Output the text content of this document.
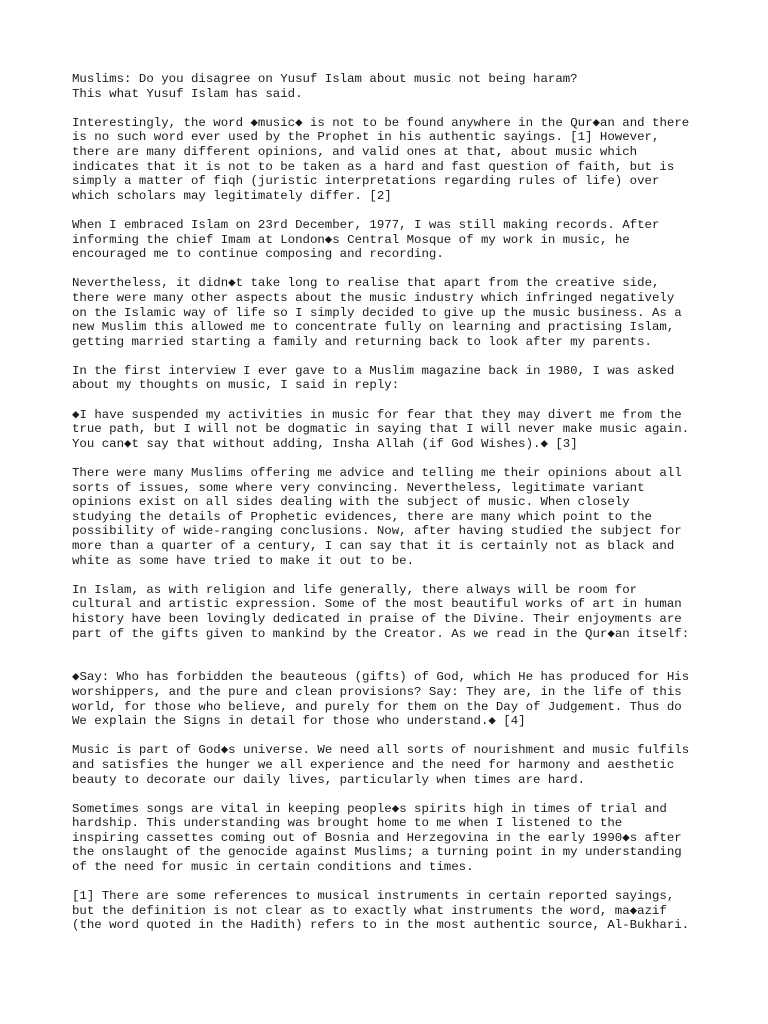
Muslims: Do you disagree on Yusuf Islam about music not being haram?
This what Yusuf Islam has said.

Interestingly, the word ◆music◆ is not to be found anywhere in the Qur◆an and there
is no such word ever used by the Prophet in his authentic sayings. [1] However,
there are many different opinions, and valid ones at that, about music which
indicates that it is not to be taken as a hard and fast question of faith, but is
simply a matter of fiqh (juristic interpretations regarding rules of life) over
which scholars may legitimately differ. [2]

When I embraced Islam on 23rd December, 1977, I was still making records. After
informing the chief Imam at London◆s Central Mosque of my work in music, he
encouraged me to continue composing and recording.

Nevertheless, it didn◆t take long to realise that apart from the creative side,
there were many other aspects about the music industry which infringed negatively
on the Islamic way of life so I simply decided to give up the music business. As a
new Muslim this allowed me to concentrate fully on learning and practising Islam,
getting married starting a family and returning back to look after my parents.

In the first interview I ever gave to a Muslim magazine back in 1980, I was asked
about my thoughts on music, I said in reply:

◆I have suspended my activities in music for fear that they may divert me from the
true path, but I will not be dogmatic in saying that I will never make music again.
You can◆t say that without adding, Insha Allah (if God Wishes).◆ [3]

There were many Muslims offering me advice and telling me their opinions about all
sorts of issues, some where very convincing. Nevertheless, legitimate variant
opinions exist on all sides dealing with the subject of music. When closely
studying the details of Prophetic evidences, there are many which point to the
possibility of wide-ranging conclusions. Now, after having studied the subject for
more than a quarter of a century, I can say that it is certainly not as black and
white as some have tried to make it out to be.

In Islam, as with religion and life generally, there always will be room for
cultural and artistic expression. Some of the most beautiful works of art in human
history have been lovingly dedicated in praise of the Divine. Their enjoyments are
part of the gifts given to mankind by the Creator. As we read in the Qur◆an itself:

◆Say: Who has forbidden the beauteous (gifts) of God, which He has produced for His
worshippers, and the pure and clean provisions? Say: They are, in the life of this
world, for those who believe, and purely for them on the Day of Judgement. Thus do
We explain the Signs in detail for those who understand.◆ [4]

Music is part of God◆s universe. We need all sorts of nourishment and music fulfils
and satisfies the hunger we all experience and the need for harmony and aesthetic
beauty to decorate our daily lives, particularly when times are hard.

Sometimes songs are vital in keeping people◆s spirits high in times of trial and
hardship. This understanding was brought home to me when I listened to the
inspiring cassettes coming out of Bosnia and Herzegovina in the early 1990◆s after
the onslaught of the genocide against Muslims; a turning point in my understanding
of the need for music in certain conditions and times.

[1] There are some references to musical instruments in certain reported sayings,
but the definition is not clear as to exactly what instruments the word, ma◆azif
(the word quoted in the Hadith) refers to in the most authentic source, Al-Bukhari.
